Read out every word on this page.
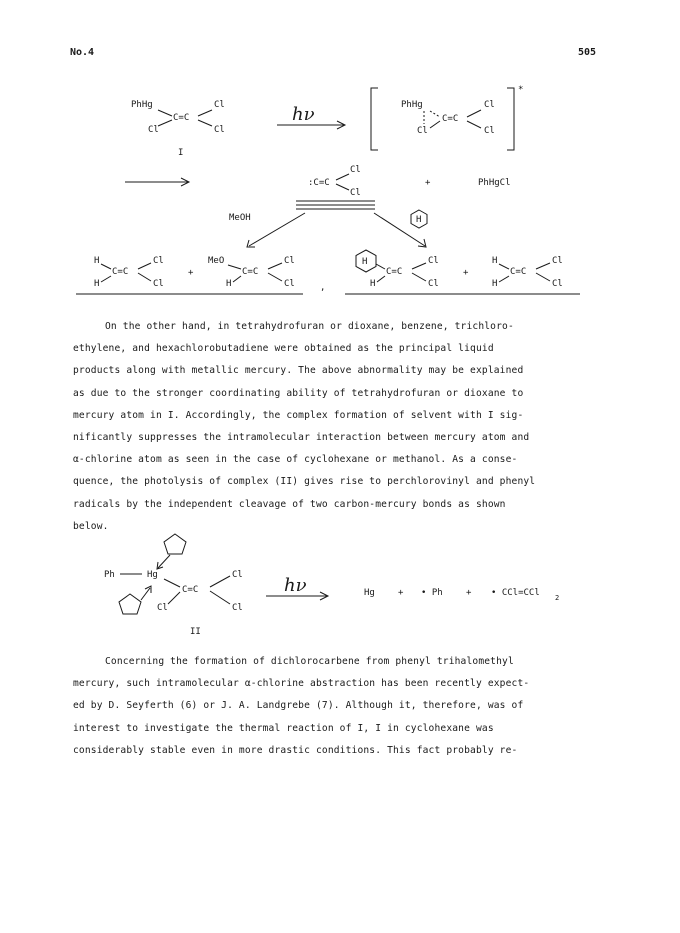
No.4	505
PhHg
Cl
C=C
Cl
Cl
I
hν
*
PhHg
Cl
C=C
Cl
Cl
:C=C
Cl
Cl
+	PhHgCl
MeOH	H
H
H
C=C
Cl
Cl
+
MeO
H
C=C
Cl
Cl	,
H
H
C=C
Cl
Cl
+
H
H
C=C
Cl
Cl

On the other hand, in tetrahydrofuran or dioxane, benzene, trichloro-

ethylene, and hexachlorobutadiene were obtained as the principal liquid

products along with metallic mercury. The above abnormality may be explained

as due to the stronger coordinating ability of tetrahydrofuran or dioxane to

mercury atom in I. Accordingly, the complex formation of selvent with I sig-

nificantly suppresses the intramolecular interaction between mercury atom and

α-chlorine atom as seen in the case of cyclohexane or methanol. As a conse-

quence, the photolysis of complex (II) gives rise to perchlorovinyl and phenyl

radicals by the independent cleavage of two carbon-mercury bonds as shown

below.

Ph	Hg
C=C
Cl
Cl	Cl
II
hν	Hg	+ • Ph	+ • CCl=CCl 2

Concerning the formation of dichlorocarbene from phenyl trihalomethyl

mercury, such intramolecular α-chlorine abstraction has been recently expect-

ed by D. Seyferth (6) or J. A. Landgrebe (7). Although it, therefore, was of

interest to investigate the thermal reaction of I, I in cyclohexane was

considerably stable even in more drastic conditions. This fact probably re-
